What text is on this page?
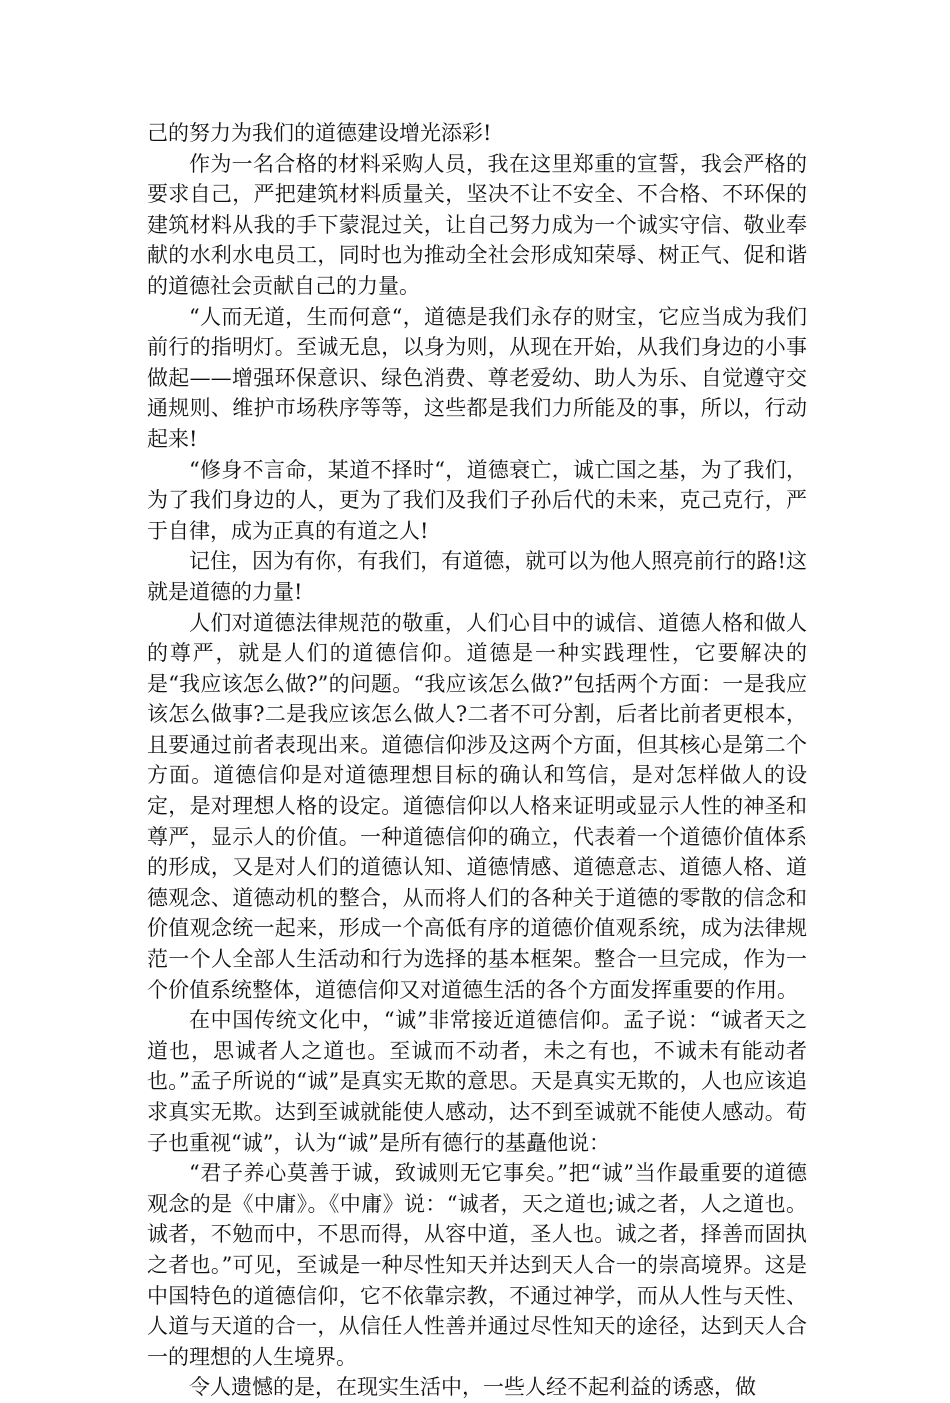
己的努力为我们的道德建设增光添彩!

作为一名合格的材料采购人员，我在这里郑重的宣誓，我会严格的要求自己，严把建筑材料质量关，坚决不让不安全、不合格、不环保的建筑材料从我的手下蒙混过关，让自己努力成为一个诚实守信、敬业奉献的水利水电员工，同时也为推动全社会形成知荣辱、树正气、促和谐的道德社会贡献自己的力量。

“人而无道，生而何意“，道德是我们永存的财宝，它应当成为我们前行的指明灯。至诚无息，以身为则，从现在开始，从我们身边的小事做起——增强环保意识、绿色消费、尊老爱幼、助人为乐、自觉遵守交通规则、维护市场秩序等等，这些都是我们力所能及的事，所以，行动起来!

“修身不言命，某道不择时“，道德衰亡，诚亡国之基，为了我们，为了我们身边的人，更为了我们及我们子孙后代的未来，克己克行，严于自律，成为正真的有道之人!

记住，因为有你，有我们，有道德，就可以为他人照亮前行的路!这就是道德的力量!

人们对道德法律规范的敬重，人们心目中的诚信、道德人格和做人的尊严，就是人们的道德信仰。道德是一种实践理性，它要解决的是“我应该怎么做?”的问题。“我应该怎么做?”包括两个方面：一是我应该怎么做事?二是我应该怎么做人?二者不可分割，后者比前者更根本，且要通过前者表现出来。道德信仰涉及这两个方面，但其核心是第二个方面。道德信仰是对道德理想目标的确认和笃信，是对怎样做人的设定，是对理想人格的设定。道德信仰以人格来证明或显示人性的神圣和尊严，显示人的价值。一种道德信仰的确立，代表着一个道德价值体系的形成，又是对人们的道德认知、道德情感、道德意志、道德人格、道德观念、道德动机的整合，从而将人们的各种关于道德的零散的信念和价值观念统一起来，形成一个高低有序的道德价值观系统，成为法律规范一个人全部人生活动和行为选择的基本框架。整合一旦完成，作为一个价值系统整体，道德信仰又对道德生活的各个方面发挥重要的作用。

在中国传统文化中，“诚”非常接近道德信仰。孟子说：“诚者天之道也，思诚者人之道也。至诚而不动者，未之有也，不诚未有能动者也。”孟子所说的“诚”是真实无欺的意思。天是真实无欺的，人也应该追求真实无欺。达到至诚就能使人感动，达不到至诚就不能使人感动。荀子也重视“诚”，认为“诚”是所有德行的基矗他说：

“君子养心莫善于诚，致诚则无它事矣。”把“诚”当作最重要的道德观念的是《中庸》。《中庸》说：“诚者，天之道也;诚之者，人之道也。诚者，不勉而中，不思而得，从容中道，圣人也。诚之者，择善而固执之者也。”可见，至诚是一种尽性知天并达到天人合一的崇高境界。这是中国特色的道德信仰，它不依靠宗教，不通过神学，而从人性与天性、人道与天道的合一，从信任人性善并通过尽性知天的途径，达到天人合一的理想的人生境界。

令人遗憾的是，在现实生活中，一些人经不起利益的诱惑，做
